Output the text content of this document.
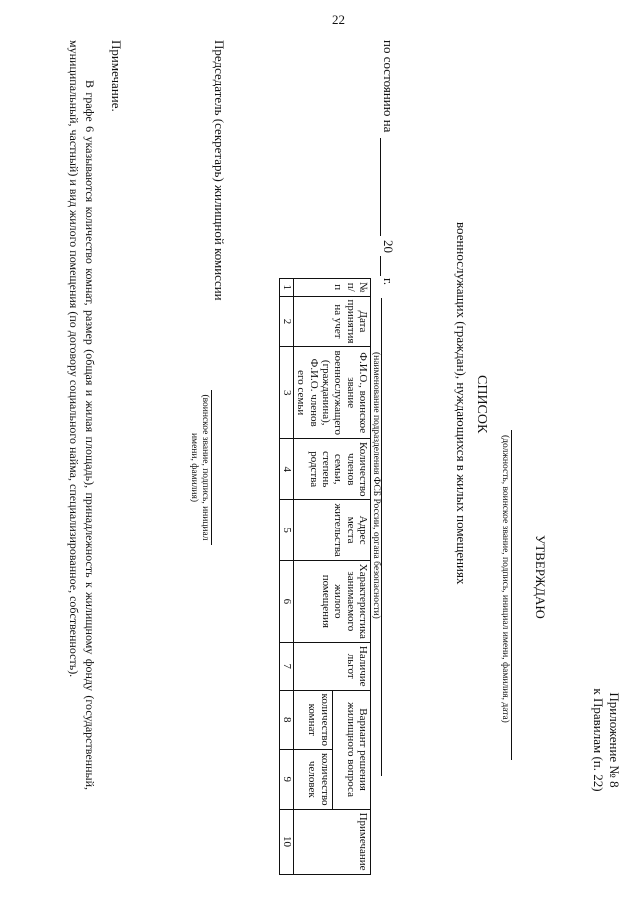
22
Приложение № 8
к Правилам (п. 22)
УТВЕРЖДАЮ
(должность, воинское звание, подпись, инициал имени, фамилия, дата)
СПИСОК
военнослужащих (граждан), нуждающихся в жилых помещениях
по состоянию на
20
г.
(наименование подразделения ФСБ России, органа безопасности)
№ п/п	Дата принятия на учет	Ф.И.О., воинское звание военнослужащего (гражданина), Ф.И.О. членов его семьи	Количество членов семьи, степень родства	Адрес места жительства	Характеристика занимаемого жилого помещения	Наличие льгот	Вариант решения жилищного вопроса		Примечание
							количество комнат	количество человек	
1	2	3	4	5	6	7	8	9	10
Председатель (секретарь) жилищной комиссии
(воинское звание, подпись, инициал имени, фамилия)
Примечание.
В графе 6 указываются количество комнат, размер (общая и жилая площадь), принадлежность к жилищному фонду (государственный, муниципальный, частный) и вид жилого помещения (по договору социального найма, специализированное, собственность).
